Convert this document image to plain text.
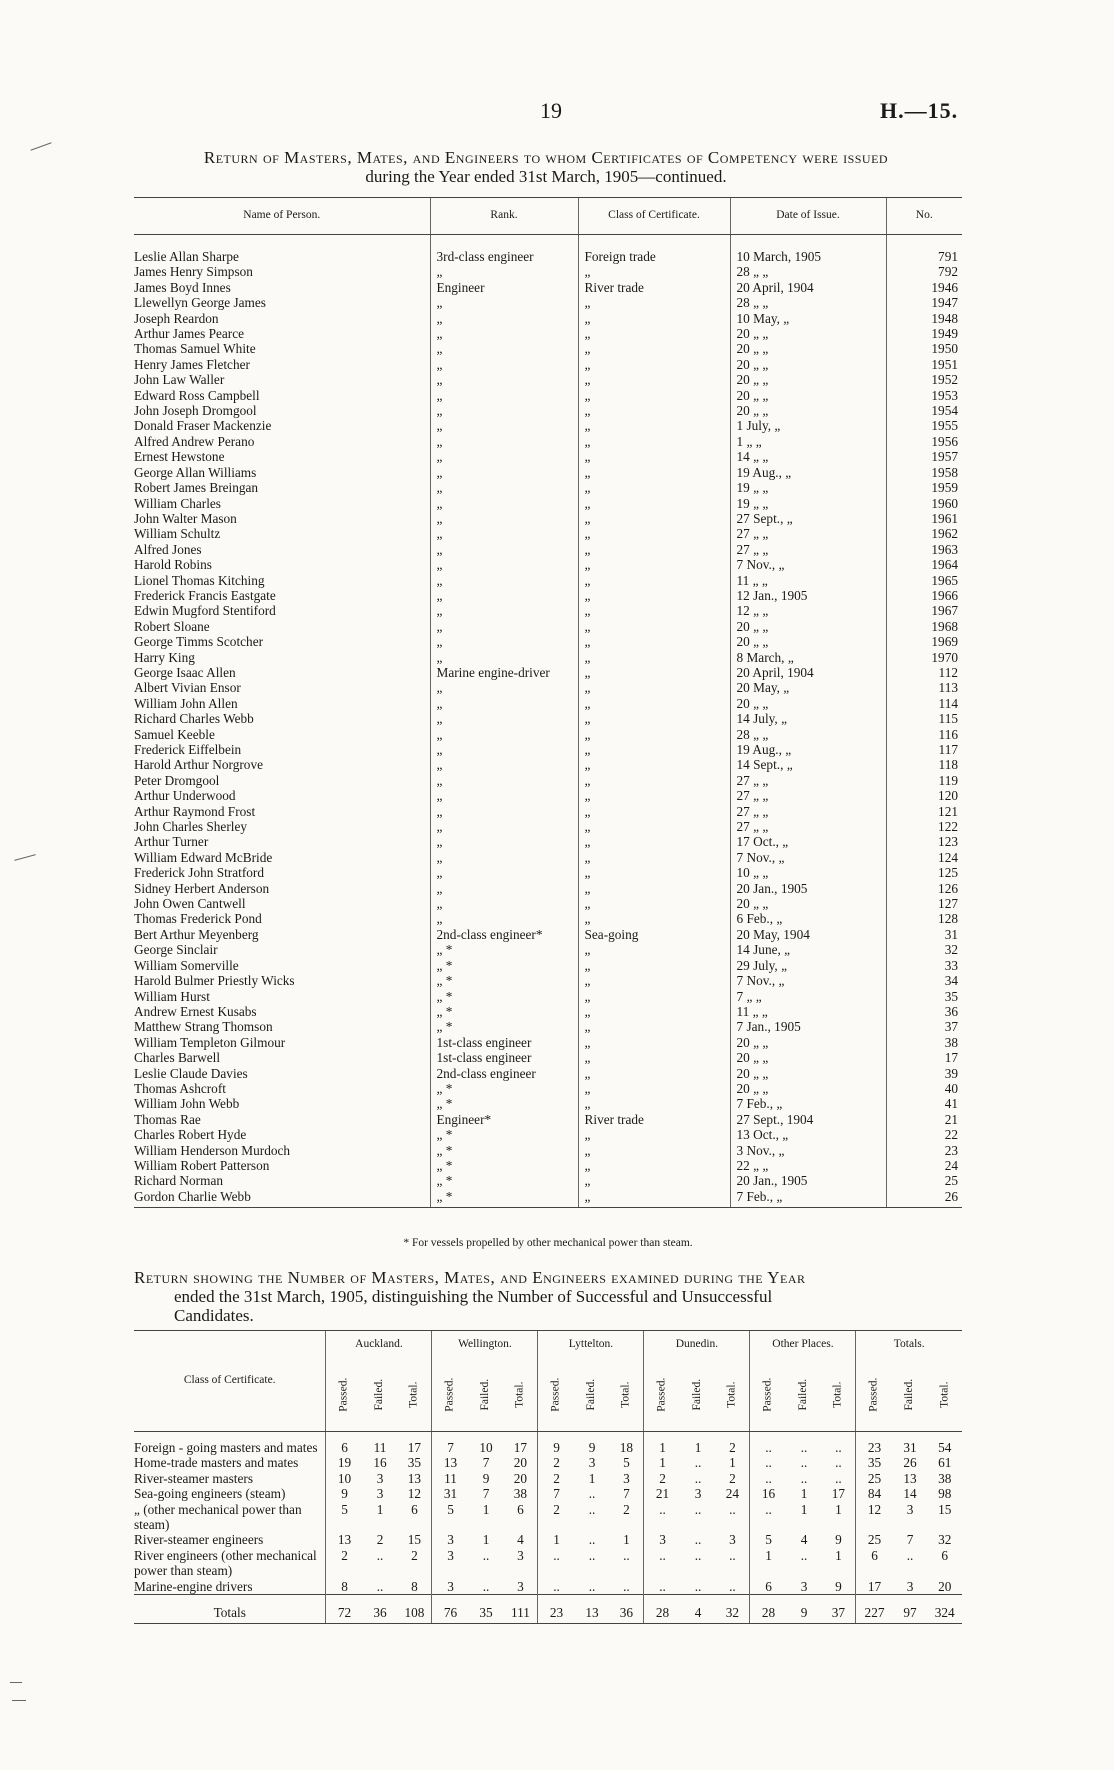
19	H.—15.
Return of Masters, Mates, and Engineers to whom Certificates of Competency were issued
during the Year ended 31st March, 1905—continued.
Name of Person.	Rank.	Class of Certificate.	Date of Issue.	No.
Leslie Allan Sharpe	3rd-class engineer	Foreign trade	10 March, 1905	791
James Henry Simpson	„	„	28 „ „	792
James Boyd Innes	Engineer	River trade	20 April, 1904	1946
Llewellyn George James	„	„	28 „ „	1947
Joseph Reardon	„	„	10 May, „	1948
Arthur James Pearce	„	„	20 „ „	1949
Thomas Samuel White	„	„	20 „ „	1950
Henry James Fletcher	„	„	20 „ „	1951
John Law Waller	„	„	20 „ „	1952
Edward Ross Campbell	„	„	20 „ „	1953
John Joseph Dromgool	„	„	20 „ „	1954
Donald Fraser Mackenzie	„	„	1 July, „	1955
Alfred Andrew Perano	„	„	1 „ „	1956
Ernest Hewstone	„	„	14 „ „	1957
George Allan Williams	„	„	19 Aug., „	1958
Robert James Breingan	„	„	19 „ „	1959
William Charles	„	„	19 „ „	1960
John Walter Mason	„	„	27 Sept., „	1961
William Schultz	„	„	27 „ „	1962
Alfred Jones	„	„	27 „ „	1963
Harold Robins	„	„	7 Nov., „	1964
Lionel Thomas Kitching	„	„	11 „ „	1965
Frederick Francis Eastgate	„	„	12 Jan., 1905	1966
Edwin Mugford Stentiford	„	„	12 „ „	1967
Robert Sloane	„	„	20 „ „	1968
George Timms Scotcher	„	„	20 „ „	1969
Harry King	„	„	8 March, „	1970
George Isaac Allen	Marine engine-driver	„	20 April, 1904	112
Albert Vivian Ensor	„	„	20 May, „	113
William John Allen	„	„	20 „ „	114
Richard Charles Webb	„	„	14 July, „	115
Samuel Keeble	„	„	28 „ „	116
Frederick Eiffelbein	„	„	19 Aug., „	117
Harold Arthur Norgrove	„	„	14 Sept., „	118
Peter Dromgool	„	„	27 „ „	119
Arthur Underwood	„	„	27 „ „	120
Arthur Raymond Frost	„	„	27 „ „	121
John Charles Sherley	„	„	27 „ „	122
Arthur Turner	„	„	17 Oct., „	123
William Edward McBride	„	„	7 Nov., „	124
Frederick John Stratford	„	„	10 „ „	125
Sidney Herbert Anderson	„	„	20 Jan., 1905	126
John Owen Cantwell	„	„	20 „ „	127
Thomas Frederick Pond	„	„	6 Feb., „	128
Bert Arthur Meyenberg	2nd-class engineer*	Sea-going	20 May, 1904	31
George Sinclair	„ *	„	14 June, „	32
William Somerville	„ *	„	29 July, „	33
Harold Bulmer Priestly Wicks	„ *	„	7 Nov., „	34
William Hurst	„ *	„	7 „ „	35
Andrew Ernest Kusabs	„ *	„	11 „ „	36
Matthew Strang Thomson	„ *	„	7 Jan., 1905	37
William Templeton Gilmour	1st-class engineer	„	20 „ „	38
Charles Barwell	1st-class engineer	„	20 „ „	17
Leslie Claude Davies	2nd-class engineer	„	20 „ „	39
Thomas Ashcroft	„ *	„	20 „ „	40
William John Webb	„ *	„	7 Feb., „	41
Thomas Rae	Engineer*	River trade	27 Sept., 1904	21
Charles Robert Hyde	„ *	„	13 Oct., „	22
William Henderson Murdoch	„ *	„	3 Nov., „	23
William Robert Patterson	„ *	„	22 „ „	24
Richard Norman	„ *	„	20 Jan., 1905	25
Gordon Charlie Webb	„ *	„	7 Feb., „	26
* For vessels propelled by other mechanical power than steam.
Return showing the Number of Masters, Mates, and Engineers examined during the Year
ended the 31st March, 1905, distinguishing the Number of Successful and Unsuccessful
Candidates.
Class of Certificate.	Auckland.			Wellington.			Lyttelton.			Dunedin.			Other Places.			Totals.		
	Passed.	Failed.	Total.	Passed.	Failed.	Total.	Passed.	Failed.	Total.	Passed.	Failed.	Total.	Passed.	Failed.	Total.	Passed.	Failed.	Total.
Foreign - going masters and mates	6	11	17	7	10	17	9	9	18	1	1	2	..	..	..	23	31	54
Home-trade masters and mates	19	16	35	13	7	20	2	3	5	1	..	1	..	..	..	35	26	61
River-steamer masters	10	3	13	11	9	20	2	1	3	2	..	2	..	..	..	25	13	38
Sea-going engineers (steam)	9	3	12	31	7	38	7	..	7	21	3	24	16	1	17	84	14	98
„ (other mechanical power than steam)	5	1	6	5	1	6	2	..	2	..	..	..	..	1	1	12	3	15
River-steamer engineers	13	2	15	3	1	4	1	..	1	3	..	3	5	4	9	25	7	32
River engineers (other mechanical power than steam)	2	..	2	3	..	3	..	..	..	..	..	..	1	..	1	6	..	6
Marine-engine drivers	8	..	8	3	..	3	..	..	..	..	..	..	6	3	9	17	3	20
Totals	72	36	108	76	35	111	23	13	36	28	4	32	28	9	37	227	97	324
